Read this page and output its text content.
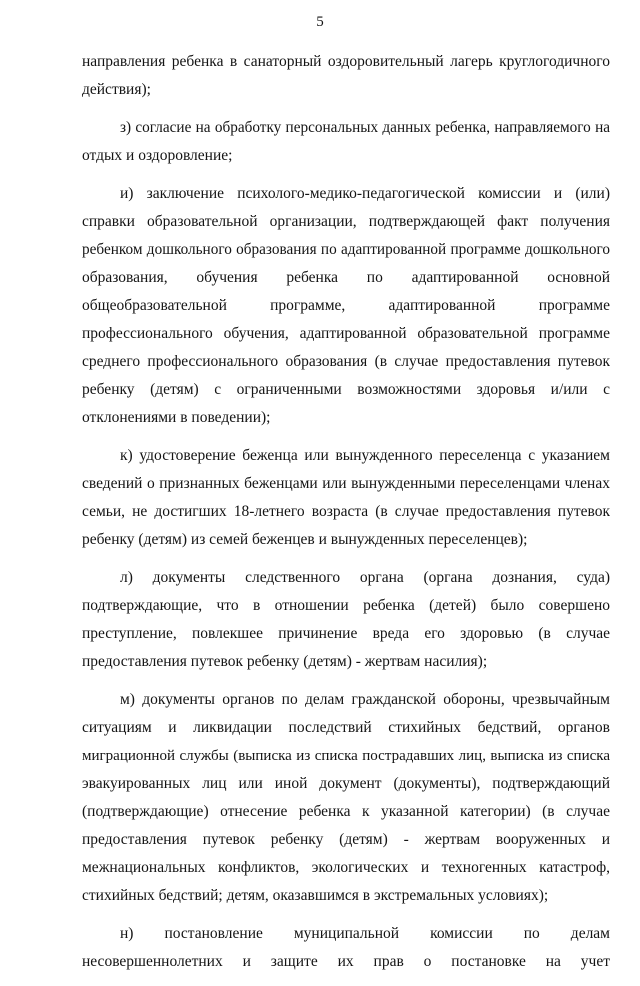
5
направления ребенка в санаторный оздоровительный лагерь круглогодичного
действия);
з) согласие на обработку персональных данных ребенка, направляемого на
отдых и оздоровление;
и) заключение психолого-медико-педагогической комиссии и (или)
справки образовательной организации, подтверждающей факт получения
ребенком дошкольного образования по адаптированной программе дошкольного
образования, обучения ребенка по адаптированной основной
общеобразовательной программе, адаптированной программе
профессионального обучения, адаптированной образовательной программе
среднего профессионального образования (в случае предоставления путевок
ребенку (детям) с ограниченными возможностями здоровья и/или с
отклонениями в поведении);
к) удостоверение беженца или вынужденного переселенца с указанием
сведений о признанных беженцами или вынужденными переселенцами членах
семьи, не достигших 18-летнего возраста (в случае предоставления путевок
ребенку (детям) из семей беженцев и вынужденных переселенцев);
л) документы следственного органа (органа дознания, суда)
подтверждающие, что в отношении ребенка (детей) было совершено
преступление, повлекшее причинение вреда его здоровью (в случае
предоставления путевок ребенку (детям) - жертвам насилия);
м) документы органов по делам гражданской обороны, чрезвычайным
ситуациям и ликвидации последствий стихийных бедствий, органов
миграционной службы (выписка из списка пострадавших лиц, выписка из списка
эвакуированных лиц или иной документ (документы), подтверждающий
(подтверждающие) отнесение ребенка к указанной категории) (в случае
предоставления путевок ребенку (детям) - жертвам вооруженных и
межнациональных конфликтов, экологических и техногенных катастроф,
стихийных бедствий; детям, оказавшимся в экстремальных условиях);
н) постановление муниципальной комиссии по делам
несовершеннолетних и защите их прав о постановке на учет
